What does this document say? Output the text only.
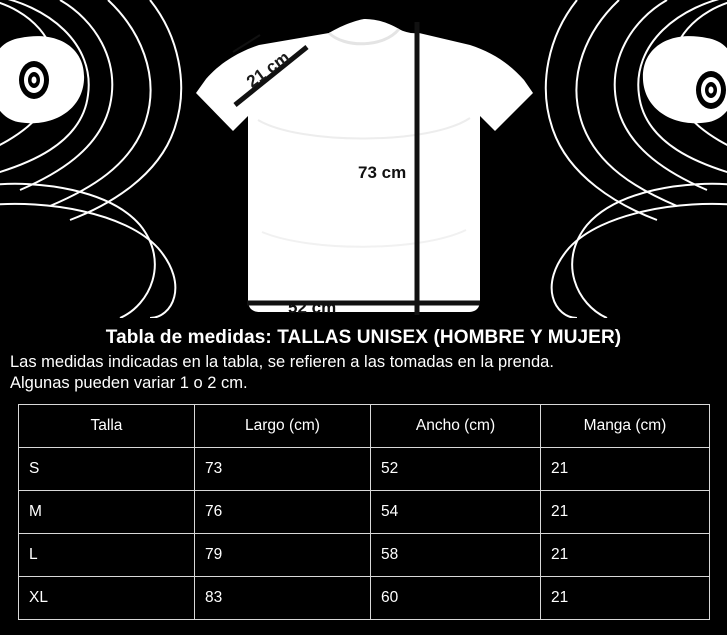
21 cm
73 cm
52 cm

Tabla de medidas: TALLAS UNISEX (HOMBRE Y MUJER)

Las medidas indicadas en la tabla, se refieren a las tomadas en la prenda.

Algunas pueden variar 1 o 2 cm.

Talla	Largo (cm)	Ancho (cm)	Manga (cm)
S	73	52	21
M	76	54	21
L	79	58	21
XL	83	60	21
